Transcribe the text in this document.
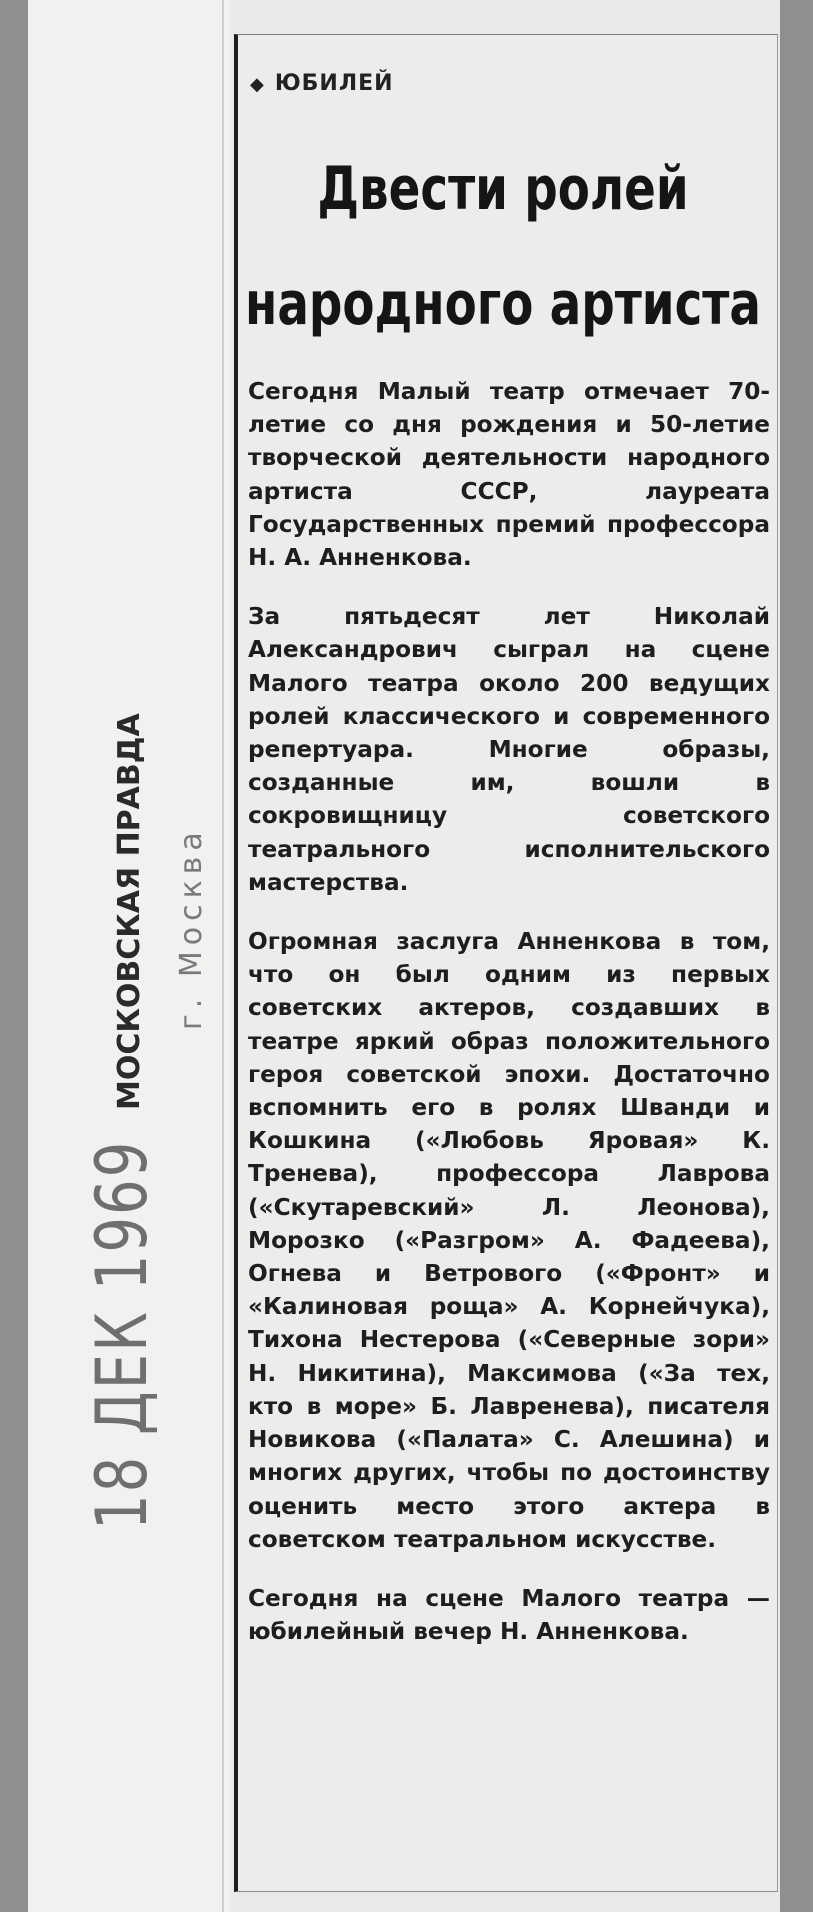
МОСКОВСКАЯ ПРАВДА г. Москва
18 ДЕК 1969
◆ ЮБИЛЕЙ
Двести ролей
народного артиста

Сегодня Малый театр отмечает 70-летие со дня рождения и 50-летие творческой деятельности народного артиста СССР, лауреата Государственных премий профессора Н. А. Анненкова.

За пятьдесят лет Николай Александрович сыграл на сцене Малого театра около 200 ведущих ролей классического и современного репертуара. Многие образы, созданные им, вошли в сокровищницу советского театрального исполнительского мастерства.

Огромная заслуга Анненкова в том, что он был одним из первых советских актеров, создавших в театре яркий образ положительного героя советской эпохи. Достаточно вспомнить его в ролях Шванди и Кошкина («Любовь Яровая» К. Тренева), профессора Лаврова («Скутаревский» Л. Леонова), Морозко («Разгром» А. Фадеева), Огнева и Ветрового («Фронт» и «Калиновая роща» А. Корнейчука), Тихона Нестерова («Северные зори» Н. Никитина), Максимова («За тех, кто в море» Б. Лавренева), писателя Новикова («Палата» С. Алешина) и многих других, чтобы по достоинству оценить место этого актера в советском театральном искусстве.

Сегодня на сцене Малого театра — юбилейный вечер Н. Анненкова.
